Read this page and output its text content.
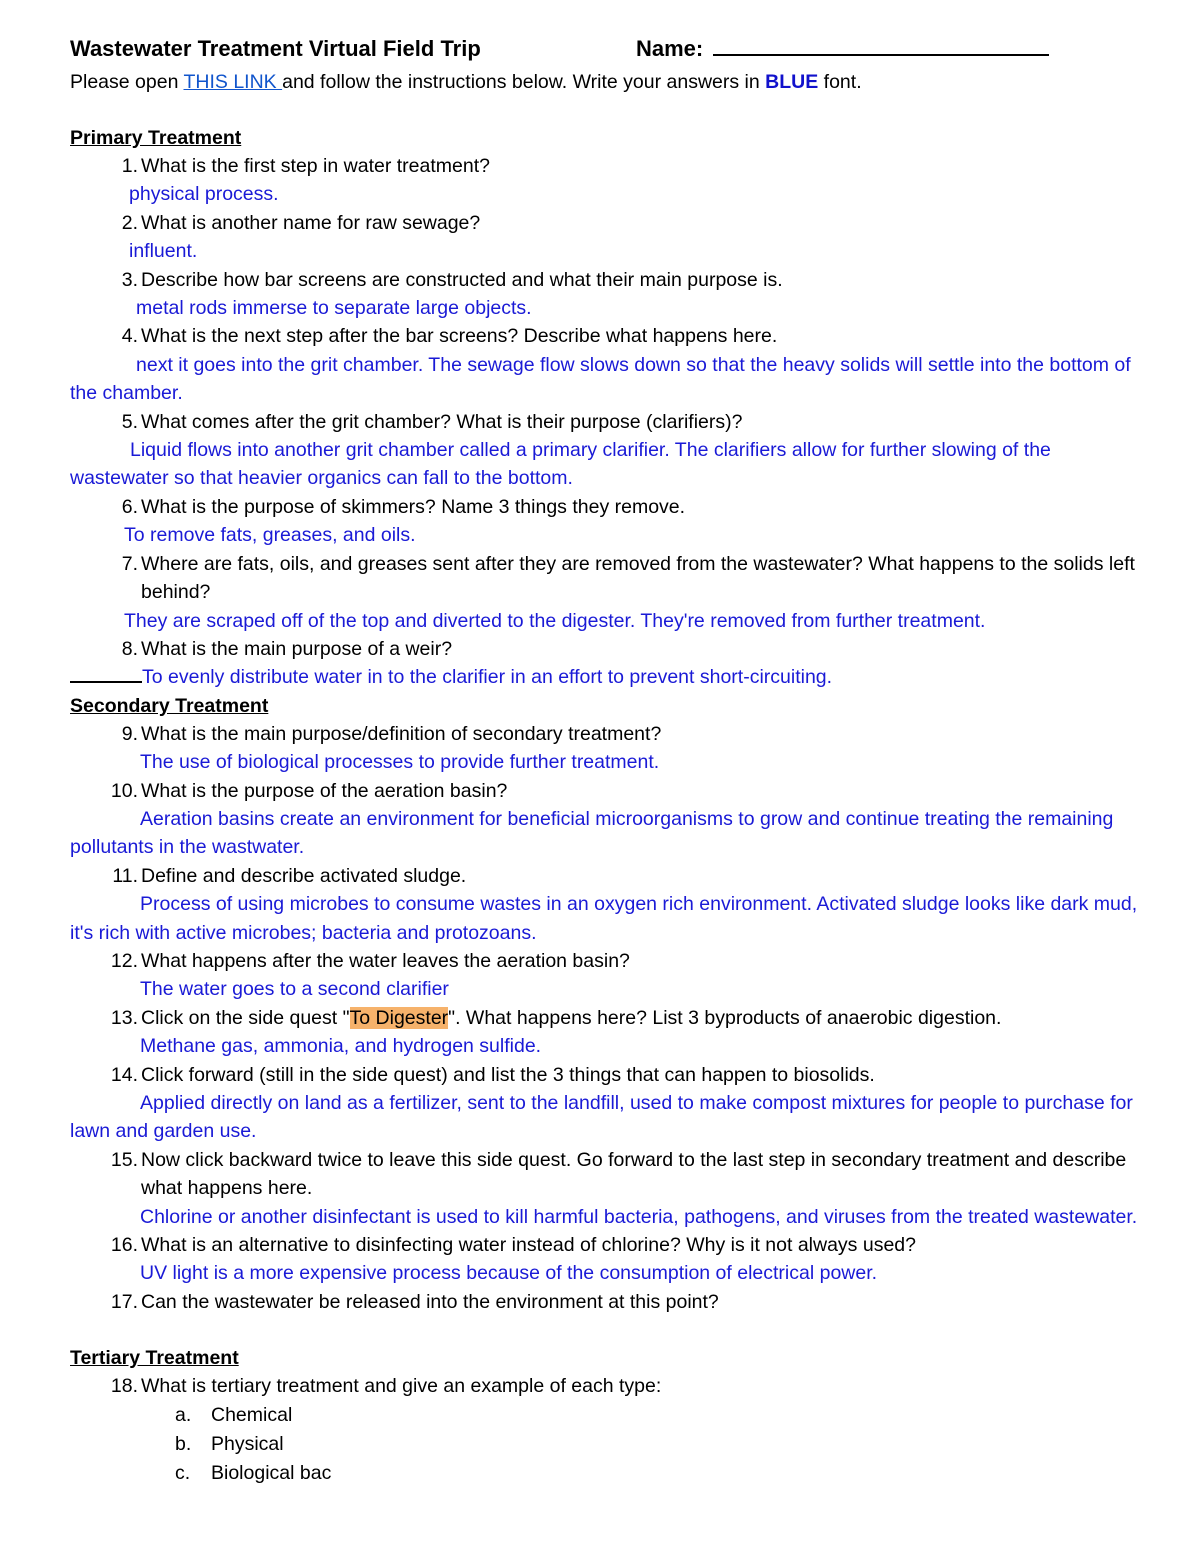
Wastewater Treatment Virtual Field Trip	Name:
Please open THIS LINK and follow the instructions below. Write your answers in BLUE font.
Primary Treatment
1. What is the first step in water treatment?
physical process.
2. What is another name for raw sewage?
influent.
3. Describe how bar screens are constructed and what their main purpose is.
metal rods immerse to separate large objects.
4. What is the next step after the bar screens? Describe what happens here.
next it goes into the grit chamber. The sewage flow slows down so that the heavy solids will settle into the bottom of the chamber.
5. What comes after the grit chamber? What is their purpose (clarifiers)?
Liquid flows into another grit chamber called a primary clarifier. The clarifiers allow for further slowing of the wastewater so that heavier organics can fall to the bottom.
6. What is the purpose of skimmers? Name 3 things they remove.
To remove fats, greases, and oils.
7. Where are fats, oils, and greases sent after they are removed from the wastewater? What happens to the solids left behind?
They are scraped off of the top and diverted to the digester. They're removed from further treatment.
8. What is the main purpose of a weir?
To evenly distribute water in to the clarifier in an effort to prevent short-circuiting.
Secondary Treatment
9. What is the main purpose/definition of secondary treatment?
The use of biological processes to provide further treatment.
10. What is the purpose of the aeration basin?
Aeration basins create an environment for beneficial microorganisms to grow and continue treating the remaining pollutants in the wastwater.
11. Define and describe activated sludge.
Process of using microbes to consume wastes in an oxygen rich environment. Activated sludge looks like dark mud, it's rich with active microbes; bacteria and protozoans.
12. What happens after the water leaves the aeration basin?
The water goes to a second clarifier
13. Click on the side quest "To Digester". What happens here? List 3 byproducts of anaerobic digestion.
Methane gas, ammonia, and hydrogen sulfide.
14. Click forward (still in the side quest) and list the 3 things that can happen to biosolids.
Applied directly on land as a fertilizer, sent to the landfill, used to make compost mixtures for people to purchase for lawn and garden use.
15. Now click backward twice to leave this side quest. Go forward to the last step in secondary treatment and describe what happens here.
Chlorine or another disinfectant is used to kill harmful bacteria, pathogens, and viruses from the treated wastewater.
16. What is an alternative to disinfecting water instead of chlorine? Why is it not always used?
UV light is a more expensive process because of the consumption of electrical power.
17. Can the wastewater be released into the environment at this point?
Tertiary Treatment
18. What is tertiary treatment and give an example of each type:
a.	Chemical
b.	Physical
c.	Biological bac
